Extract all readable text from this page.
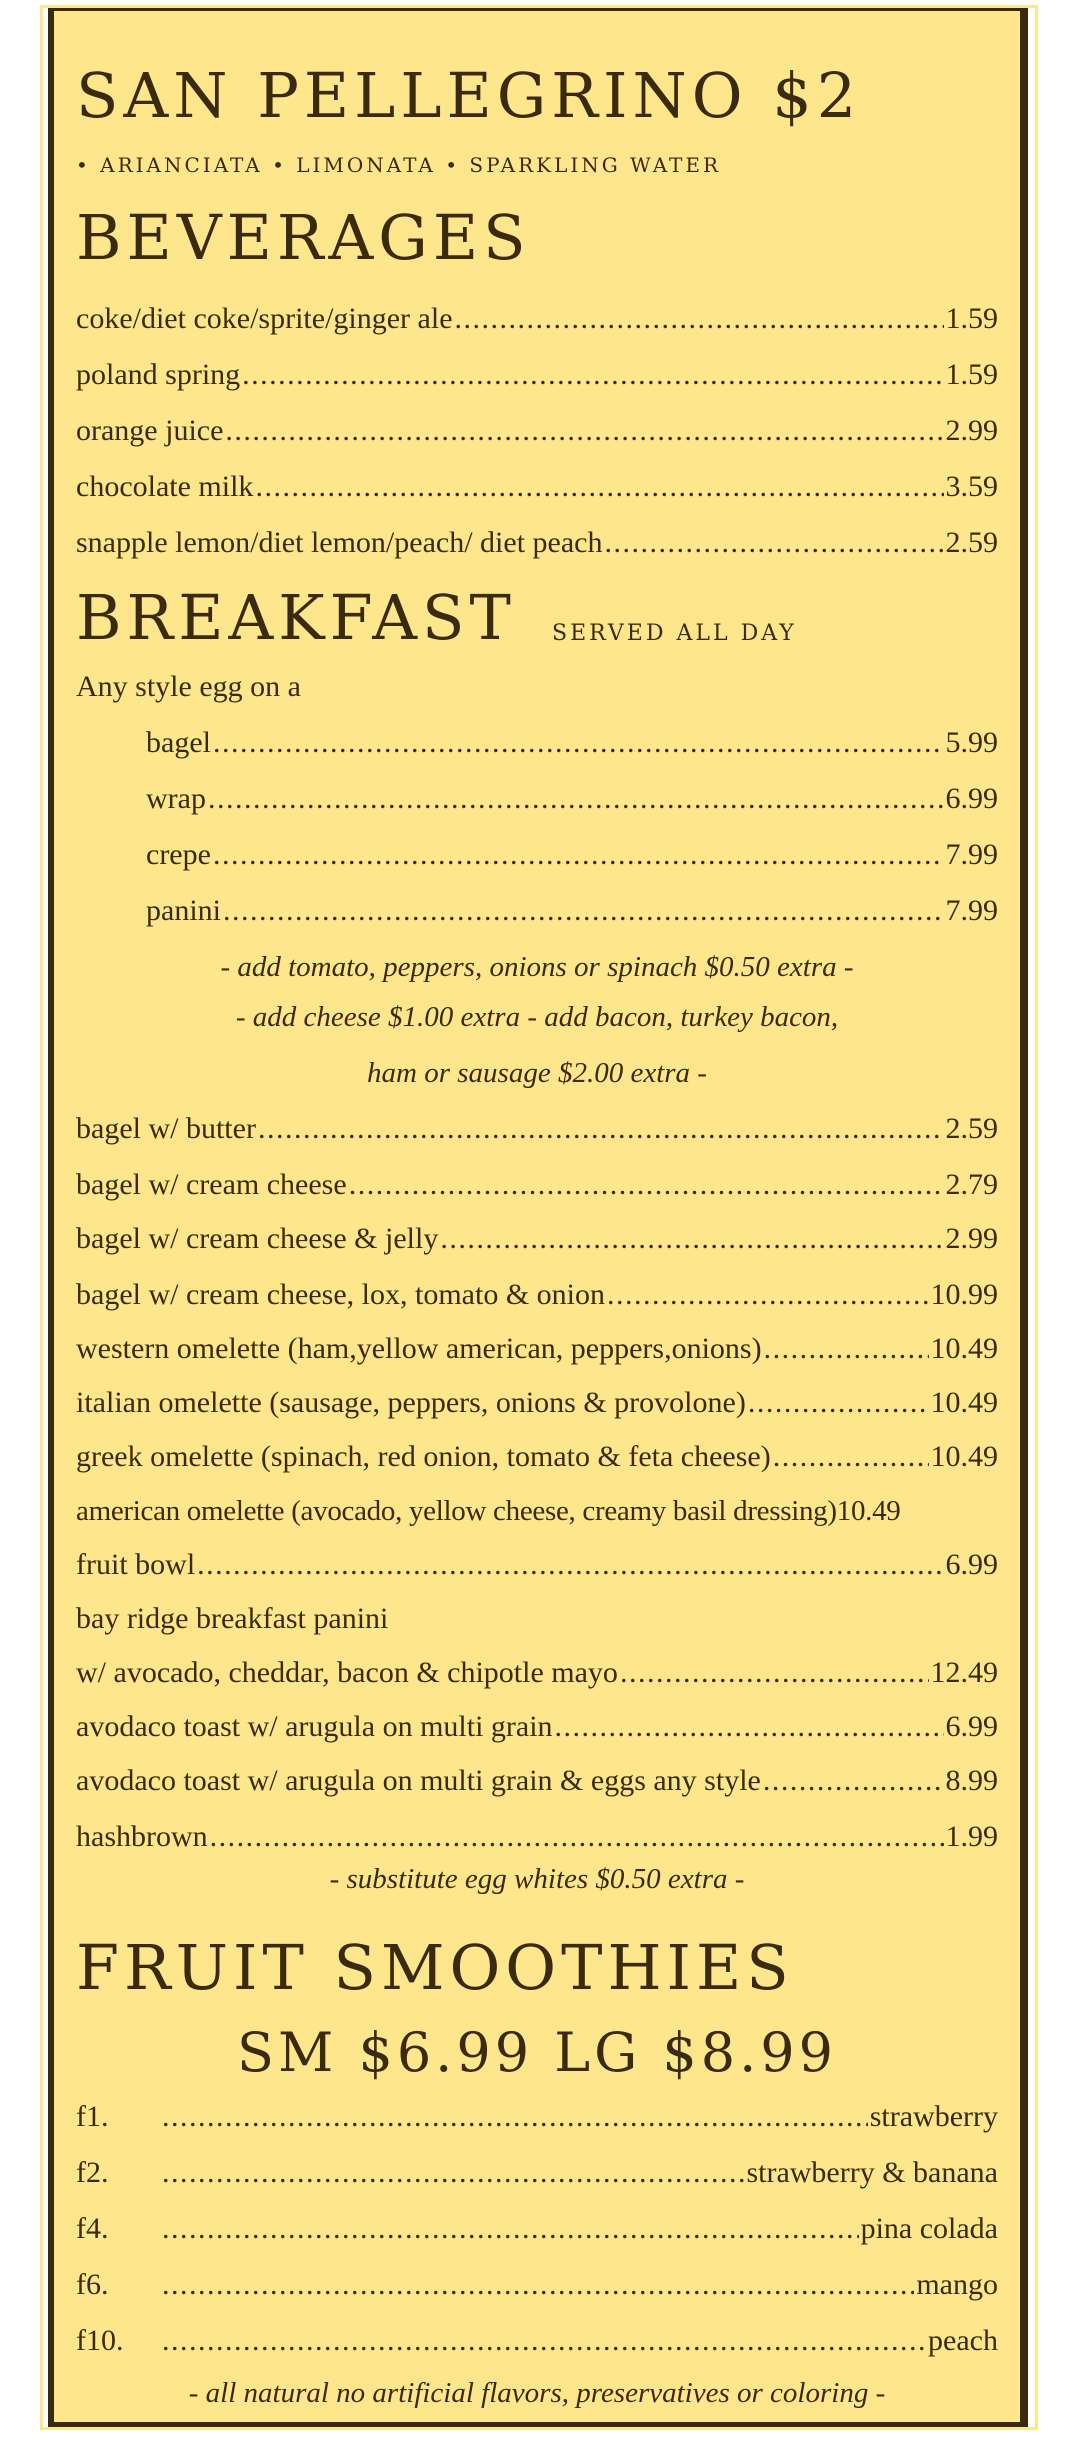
SAN PELLEGRINO $2
• ARIANCIATA • LIMONATA • SPARKLING WATER
BEVERAGES
coke/diet coke/sprite/ginger ale . . .	1.59
poland spring . . .	1.59
orange juice . . .	2.99
chocolate milk . . .	3.59
snapple lemon/diet lemon/peach/ diet peach . . .	2.59
BREAKFAST SERVED ALL DAY
Any style egg on a
bagel . . .	5.99
wrap . . .	6.99
crepe . . .	7.99
panini . . .	7.99
- add tomato, peppers, onions or spinach $0.50 extra -
- add cheese $1.00 extra - add bacon, turkey bacon,
ham or sausage $2.00 extra -
bagel w/ butter . . .	2.59
bagel w/ cream cheese . . .	2.79
bagel w/ cream cheese & jelly . . .	2.99
bagel w/ cream cheese, lox, tomato & onion . . .	10.99
western omelette (ham,yellow american, peppers,onions) . . .	10.49
italian omelette (sausage, peppers, onions & provolone) . . .	10.49
greek omelette (spinach, red onion, tomato & feta cheese) . . .	10.49
american omelette (avocado, yellow cheese, creamy basil dressing) 10.49
fruit bowl . . .	6.99
bay ridge breakfast panini
w/ avocado, cheddar, bacon & chipotle mayo . . .	12.49
avodaco toast w/ arugula on multi grain . . .	6.99
avodaco toast w/ arugula on multi grain & eggs any style . . .	8.99
hashbrown . . .	1.99
- substitute egg whites $0.50 extra -
FRUIT SMOOTHIES
SM $6.99 LG $8.99
f1. . . .	strawberry
f2. . . .	strawberry & banana
f4. . . .	pina colada
f6. . . .	mango
f10. . . .	peach
- all natural no artificial flavors, preservatives or coloring -
